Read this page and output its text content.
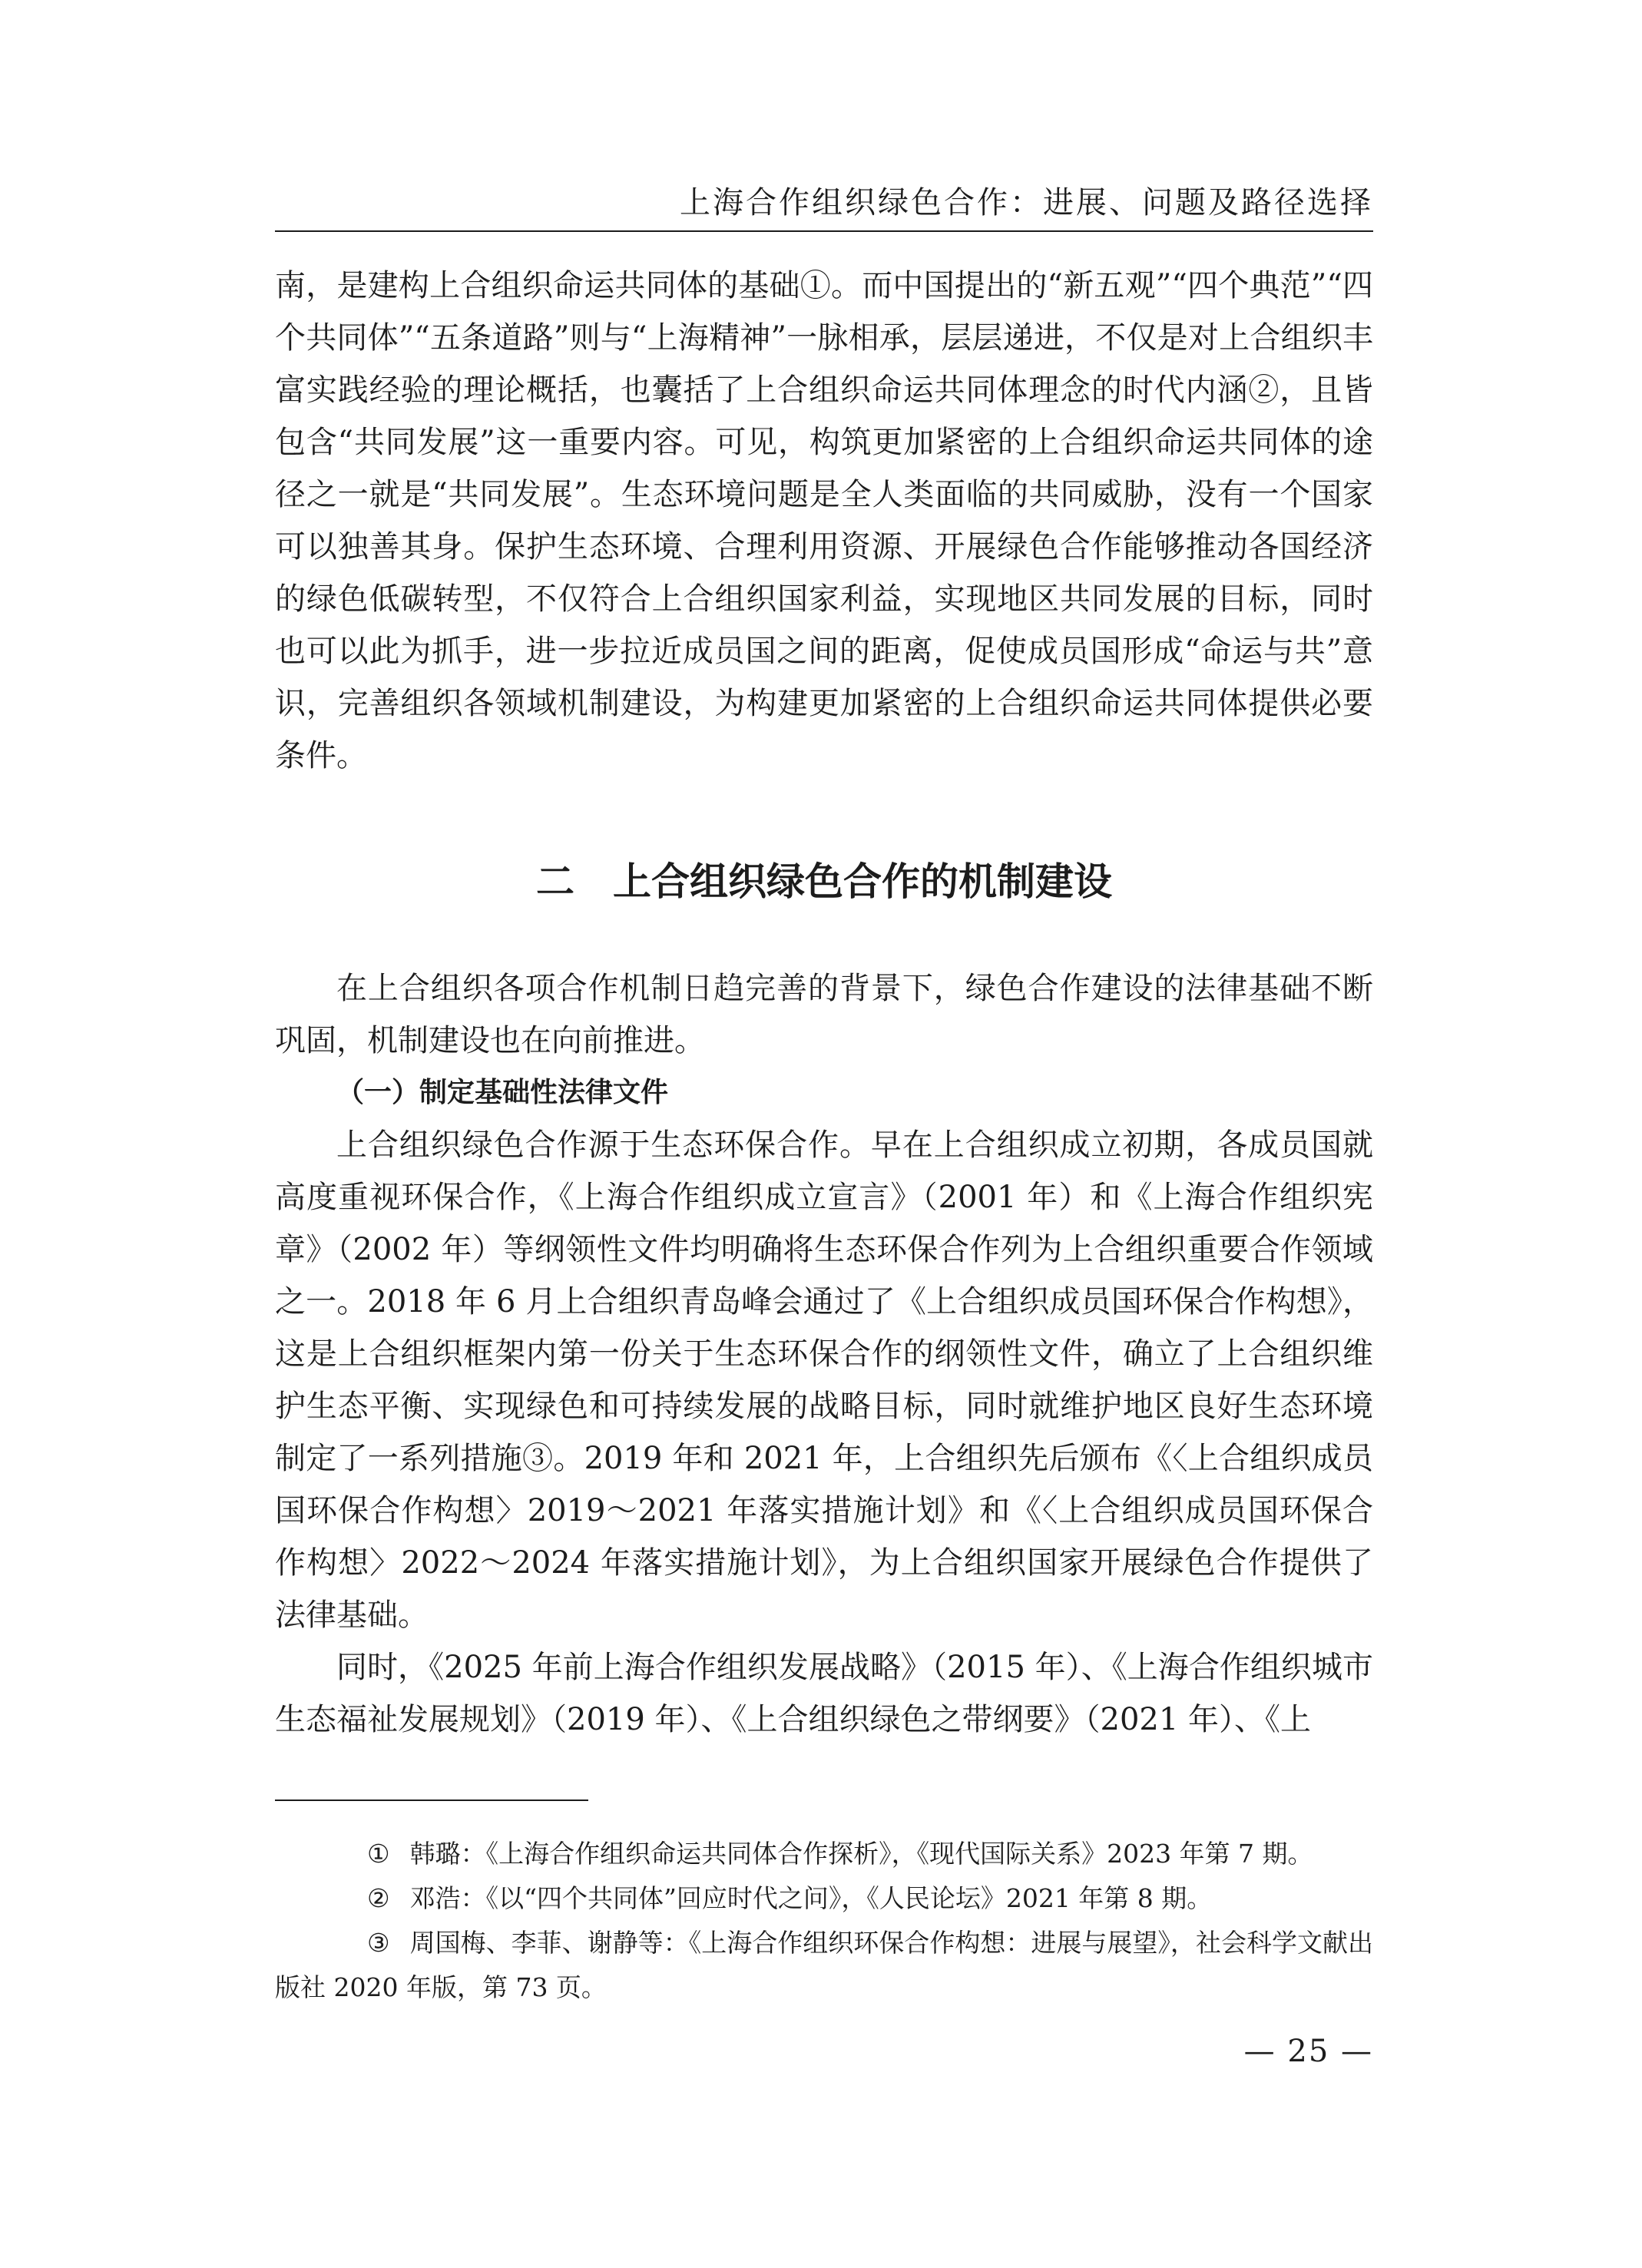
上海合作组织绿色合作：进展、问题及路径选择

南，是建构上合组织命运共同体的基础①。而中国提出的“新五观”“四个典范”“四个共同体”“五条道路”则与“上海精神”一脉相承，层层递进，不仅是对上合组织丰富实践经验的理论概括，也囊括了上合组织命运共同体理念的时代内涵②，且皆包含“共同发展”这一重要内容。可见，构筑更加紧密的上合组织命运共同体的途径之一就是“共同发展”。生态环境问题是全人类面临的共同威胁，没有一个国家可以独善其身。保护生态环境、合理利用资源、开展绿色合作能够推动各国经济的绿色低碳转型，不仅符合上合组织国家利益，实现地区共同发展的目标，同时也可以此为抓手，进一步拉近成员国之间的距离，促使成员国形成“命运与共”意识，完善组织各领域机制建设，为构建更加紧密的上合组织命运共同体提供必要条件。

二 上合组织绿色合作的机制建设

在上合组织各项合作机制日趋完善的背景下，绿色合作建设的法律基础不断巩固，机制建设也在向前推进。

（一）制定基础性法律文件

上合组织绿色合作源于生态环保合作。早在上合组织成立初期，各成员国就高度重视环保合作，《上海合作组织成立宣言》（2001 年）和《上海合作组织宪章》（2002 年）等纲领性文件均明确将生态环保合作列为上合组织重要合作领域之一。2018 年 6 月上合组织青岛峰会通过了《上合组织成员国环保合作构想》，这是上合组织框架内第一份关于生态环保合作的纲领性文件，确立了上合组织维护生态平衡、实现绿色和可持续发展的战略目标，同时就维护地区良好生态环境制定了一系列措施③。2019 年和 2021 年，上合组织先后颁布《〈上合组织成员国环保合作构想〉2019～2021 年落实措施计划》和《〈上合组织成员国环保合作构想〉2022～2024 年落实措施计划》，为上合组织国家开展绿色合作提供了法律基础。

同时，《2025 年前上海合作组织发展战略》（2015 年）、《上海合作组织城市生态福祉发展规划》（2019 年）、《上合组织绿色之带纲要》（2021 年）、《上

① 韩璐：《上海合作组织命运共同体合作探析》，《现代国际关系》2023 年第 7 期。

② 邓浩：《以“四个共同体”回应时代之问》，《人民论坛》2021 年第 8 期。

③ 周国梅、李菲、谢静等：《上海合作组织环保合作构想：进展与展望》，社会科学文献出版社 2020 年版，第 73 页。

— 25 —
